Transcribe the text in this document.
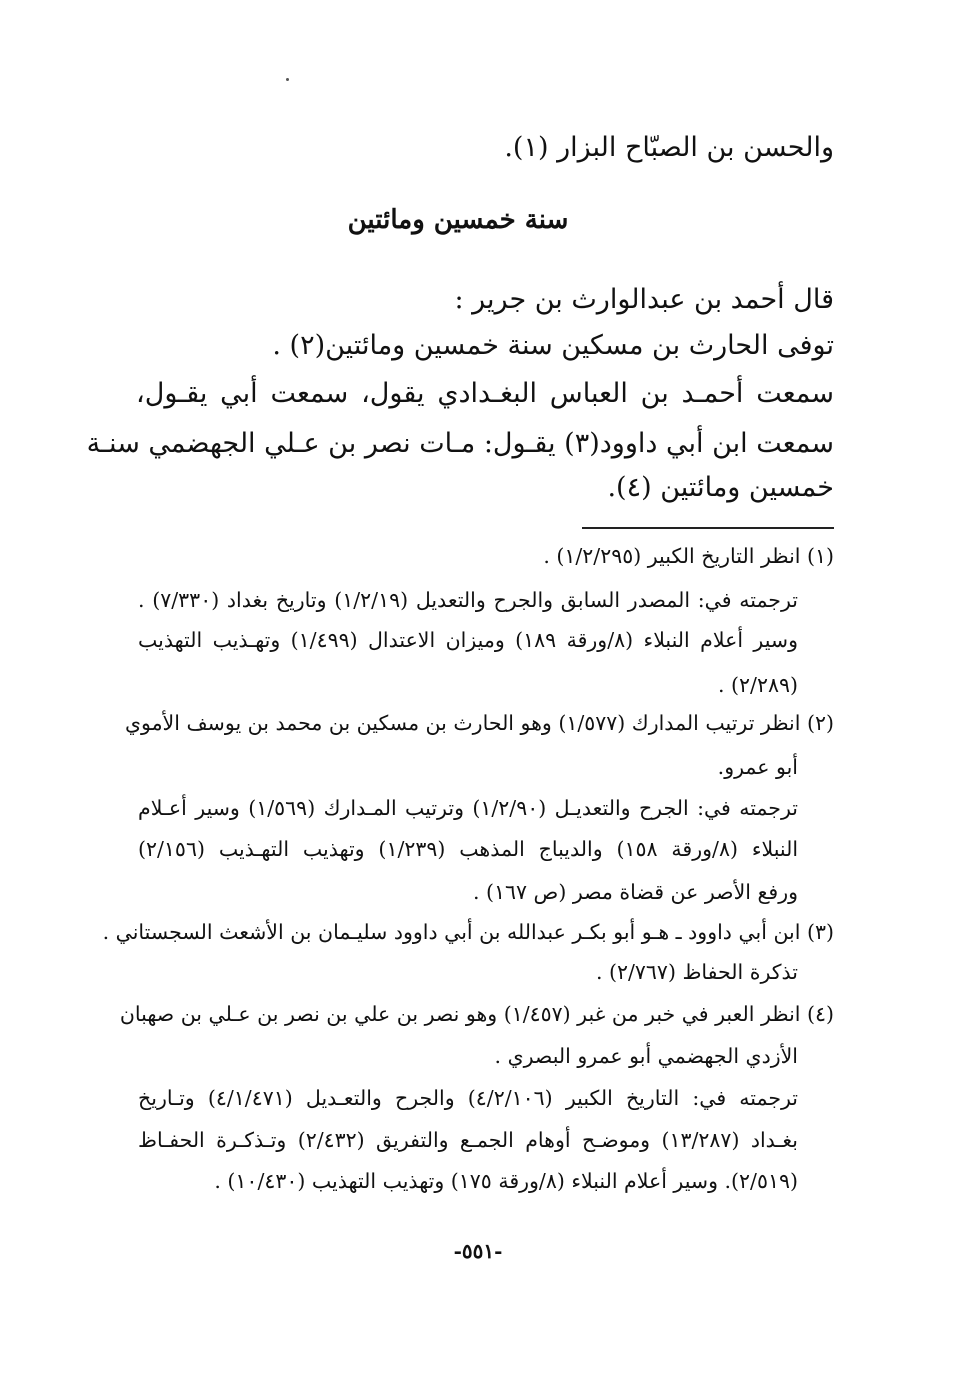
والحسن بن الصبّاح البزار (١).
سنة خمسين ومائتين
قال أحمد بن عبدالوارث بن جرير :
توفى الحارث بن مسكين سنة خمسين ومائتين(٢) .
سمعت أحمـد بن العباس البغـدادي يقول، سمعت أبي يقـول،
سمعت ابن أبي داوود(٣) يقـول: مـات نصر بن عـلي الجهضمي سنـة
خمسين ومائتين (٤).
(١) انظر التاريخ الكبير (١/٢/٢٩٥) .
ترجمته في: المصدر السابق والجرح والتعديل (١/٢/١٩) وتاريخ بغداد (٧/٣٣٠) .
وسير أعلام النبلاء (٨/ورقة ١٨٩) وميزان الاعتدال (١/٤٩٩) وتهـذيب التهذيب
(٢/٢٨٩) .
(٢) انظر ترتيب المدارك (١/٥٧٧) وهو الحارث بن مسكين بن محمد بن يوسف الأموي
أبو عمرو.
ترجمته في: الجرح والتعديـل (١/٢/٩٠) وترتيب المـدارك (١/٥٦٩) وسير أعـلام
النبلاء (٨/ورقة ١٥٨) والديباج المذهب (١/٢٣٩) وتهذيب التهـذيب (٢/١٥٦)
ورفع الأصر عن قضاة مصر (ص ١٦٧) .
(٣) ابن أبي داوود ـ هـو أبو بكـر عبدالله بن أبي داوود سليـمان بن الأشعث السجستاني .
تذكرة الحفاظ (٢/٧٦٧) .
(٤) انظر العبر في خبر من غبر (١/٤٥٧) وهو نصر بن علي بن نصر بن عـلي بن صهبان
الأزدي الجهضمي أبو عمرو البصري .
ترجمته في: التاريخ الكبير (٤/٢/١٠٦) والجرح والتعـديل (٤/١/٤٧١) وتـاريخ
بغـداد (١٣/٢٨٧) وموضـح أوهام الجمـع والتفريق (٢/٤٣٢) وتـذكـرة الحفـاظ
(٢/٥١٩). وسير أعلام النبلاء (٨/ورقة ١٧٥) وتهذيب التهذيب (١٠/٤٣٠) .
-٥٥١-
